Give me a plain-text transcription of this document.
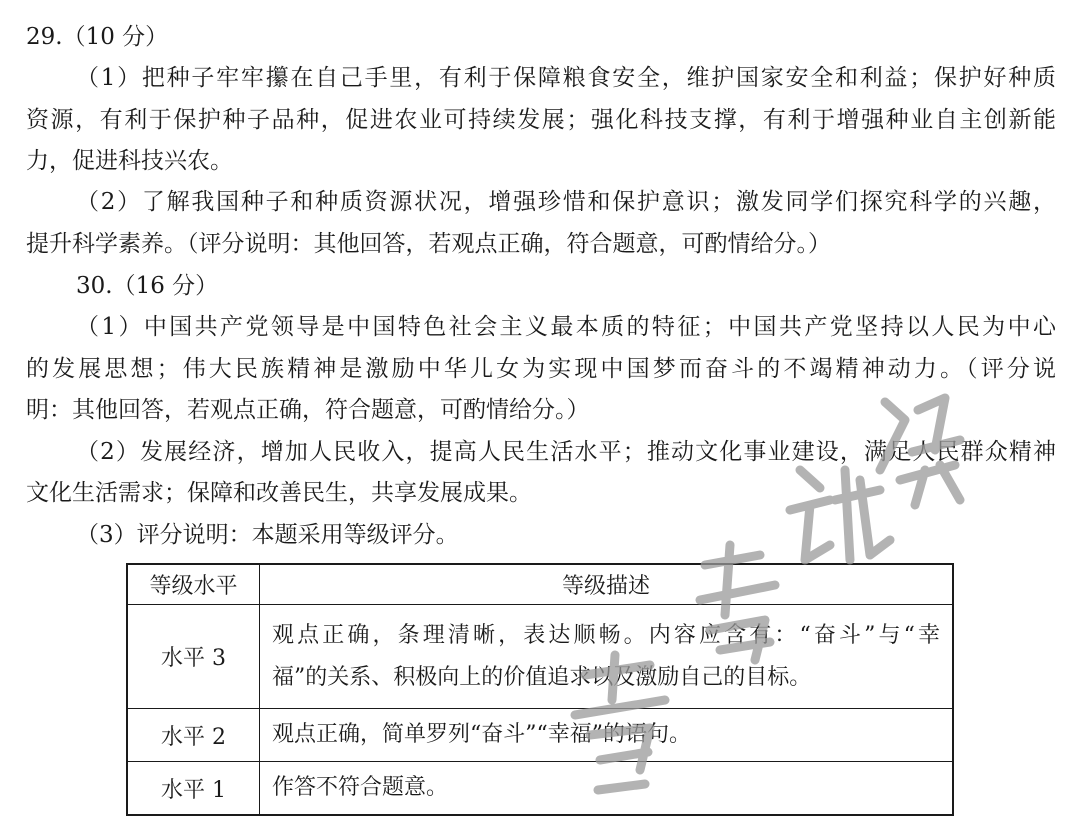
29.（10 分）
（1）把种子牢牢攥在自己手里，有利于保障粮食安全，维护国家安全和利益；保护好种质
资源，有利于保护种子品种，促进农业可持续发展；强化科技支撑，有利于增强种业自主创新能
力，促进科技兴农。
（2）了解我国种子和种质资源状况，增强珍惜和保护意识；激发同学们探究科学的兴趣，
提升科学素养。（评分说明：其他回答，若观点正确，符合题意，可酌情给分。）
30.（16 分）
（1）中国共产党领导是中国特色社会主义最本质的特征；中国共产党坚持以人民为中心
的发展思想；伟大民族精神是激励中华儿女为实现中国梦而奋斗的不竭精神动力。（评分说
明：其他回答，若观点正确，符合题意，可酌情给分。）
（2）发展经济，增加人民收入，提高人民生活水平；推动文化事业建设，满足人民群众精神
文化生活需求；保障和改善民生，共享发展成果。
（3）评分说明：本题采用等级评分。
等级水平	等级描述
水平 3	观点正确，条理清晰，表达顺畅。内容应含有：“奋斗”与“幸
福”的关系、积极向上的价值追求以及激励自己的目标。

水平 2	观点正确，简单罗列“奋斗”“幸福”的语句。

水平 1	作答不符合题意。
